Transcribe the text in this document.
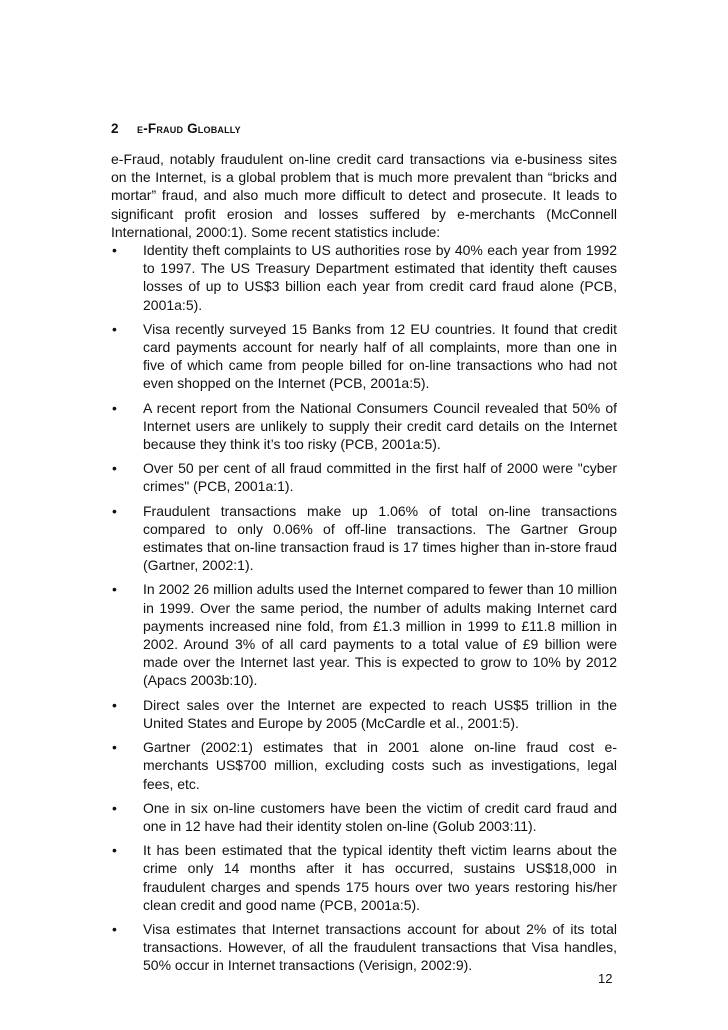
2 e-Fraud Globally

e-Fraud, notably fraudulent on-line credit card transactions via e-business sites on the Internet, is a global problem that is much more prevalent than “bricks and mortar” fraud, and also much more difficult to detect and prosecute. It leads to significant profit erosion and losses suffered by e-merchants (McConnell International, 2000:1). Some recent statistics include:

• Identity theft complaints to US authorities rose by 40% each year from 1992 to 1997. The US Treasury Department estimated that identity theft causes losses of up to US$3 billion each year from credit card fraud alone (PCB, 2001a:5).
• Visa recently surveyed 15 Banks from 12 EU countries. It found that credit card payments account for nearly half of all complaints, more than one in five of which came from people billed for on-line transactions who had not even shopped on the Internet (PCB, 2001a:5).
• A recent report from the National Consumers Council revealed that 50% of Internet users are unlikely to supply their credit card details on the Internet because they think it’s too risky (PCB, 2001a:5).
• Over 50 per cent of all fraud committed in the first half of 2000 were "cyber crimes" (PCB, 2001a:1).
• Fraudulent transactions make up 1.06% of total on-line transactions compared to only 0.06% of off-line transactions. The Gartner Group estimates that on-line transaction fraud is 17 times higher than in-store fraud (Gartner, 2002:1).
• In 2002 26 million adults used the Internet compared to fewer than 10 million in 1999. Over the same period, the number of adults making Internet card payments increased nine fold, from £1.3 million in 1999 to £11.8 million in 2002. Around 3% of all card payments to a total value of £9 billion were made over the Internet last year. This is expected to grow to 10% by 2012 (Apacs 2003b:10).
• Direct sales over the Internet are expected to reach US$5 trillion in the United States and Europe by 2005 (McCardle et al., 2001:5).
• Gartner (2002:1) estimates that in 2001 alone on-line fraud cost e-merchants US$700 million, excluding costs such as investigations, legal fees, etc.
• One in six on-line customers have been the victim of credit card fraud and one in 12 have had their identity stolen on-line (Golub 2003:11).
• It has been estimated that the typical identity theft victim learns about the crime only 14 months after it has occurred, sustains US$18,000 in fraudulent charges and spends 175 hours over two years restoring his/her clean credit and good name (PCB, 2001a:5).
• Visa estimates that Internet transactions account for about 2% of its total transactions. However, of all the fraudulent transactions that Visa handles, 50% occur in Internet transactions (Verisign, 2002:9).
12
